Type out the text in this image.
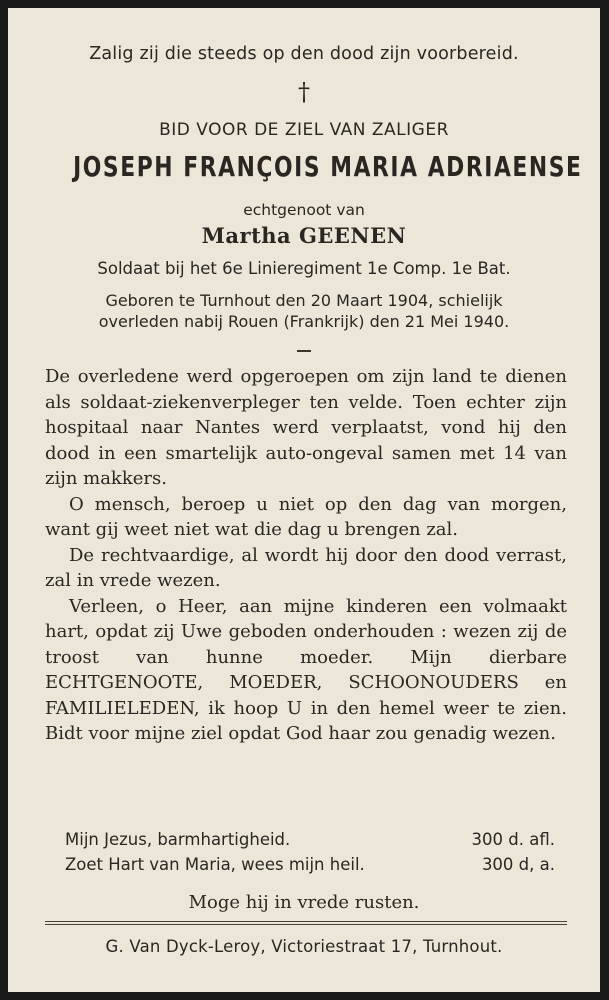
Zalig zij die steeds op den dood zijn voorbereid.
†
BID VOOR DE ZIEL VAN ZALIGER
JOSEPH FRANÇOIS MARIA ADRIAENSE
echtgenoot van
Martha GEENEN
Soldaat bij het 6e Linieregiment 1e Comp. 1e Bat.
Geboren te Turnhout den 20 Maart 1904, schielijk
overleden nabij Rouen (Frankrijk) den 21 Mei 1940.

De overledene werd opgeroepen om zijn land te dienen als soldaat-ziekenverpleger ten velde. Toen echter zijn hospitaal naar Nantes werd verplaatst, vond hij den dood in een smartelijk auto-ongeval samen met 14 van zijn makkers.

O mensch, beroep u niet op den dag van morgen, want gij weet niet wat die dag u brengen zal.

De rechtvaardige, al wordt hij door den dood verrast, zal in vrede wezen.

Verleen, o Heer, aan mijne kinderen een volmaakt hart, opdat zij Uwe geboden onderhouden : wezen zij de troost van hunne moeder. Mijn dierbare ECHTGENOOTE, MOEDER, SCHOONOUDERS en FAMILIELEDEN, ik hoop U in den hemel weer te zien. Bidt voor mijne ziel opdat God haar zou genadig wezen.

Mijn Jezus, barmhartigheid.	300 d. afl.
Zoet Hart van Maria, wees mijn heil.	300 d, a.
Moge hij in vrede rusten.
G. Van Dyck-Leroy, Victoriestraat 17, Turnhout.
